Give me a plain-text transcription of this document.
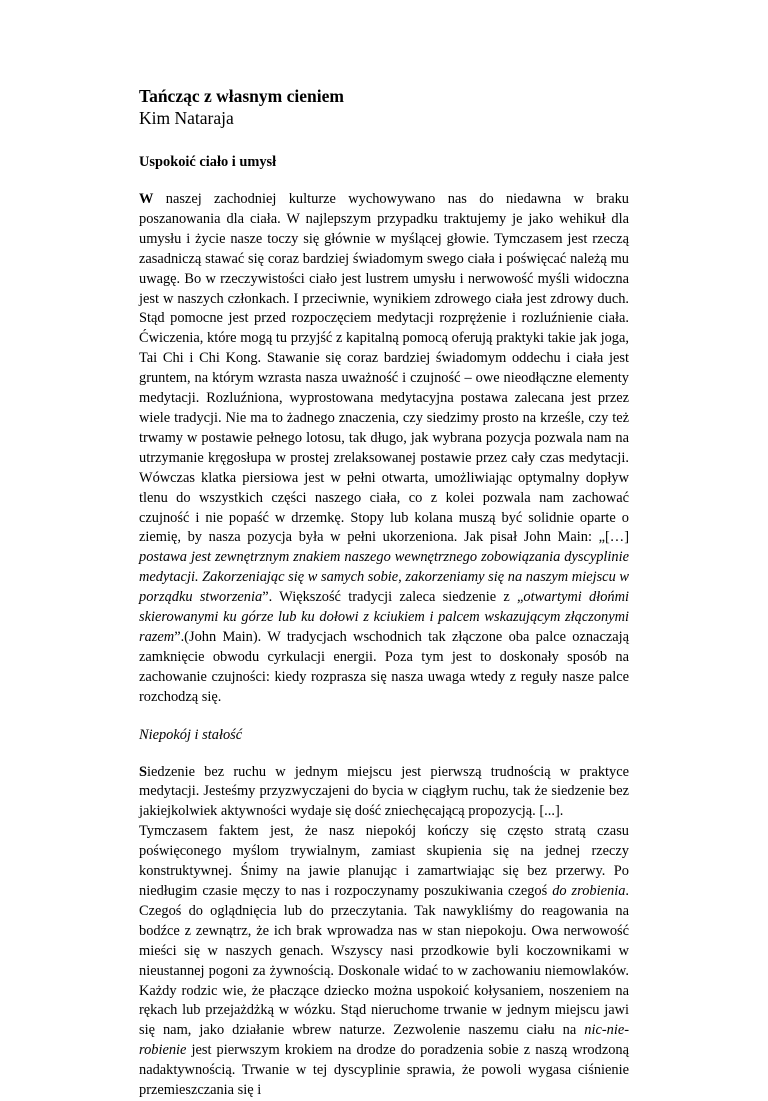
Tańcząc z własnym cieniem
Kim Nataraja
Uspokoić ciało i umysł

W naszej zachodniej kulturze wychowywano nas do niedawna w braku poszanowania dla ciała. W najlepszym przypadku traktujemy je jako wehikuł dla umysłu i życie nasze toczy się głównie w myślącej głowie. Tymczasem jest rzeczą zasadniczą stawać się coraz bardziej świadomym swego ciała i poświęcać należą mu uwagę. Bo w rzeczywistości ciało jest lustrem umysłu i nerwowość myśli widoczna jest w naszych członkach. I przeciwnie, wynikiem zdrowego ciała jest zdrowy duch. Stąd pomocne jest przed rozpoczęciem medytacji rozprężenie i rozluźnienie ciała. Ćwiczenia, które mogą tu przyjść z kapitalną pomocą oferują praktyki takie jak joga, Tai Chi i Chi Kong. Stawanie się coraz bardziej świadomym oddechu i ciała jest gruntem, na którym wzrasta nasza uważność i czujność – owe nieodłączne elementy medytacji. Rozluźniona, wyprostowana medytacyjna postawa zalecana jest przez wiele tradycji. Nie ma to żadnego znaczenia, czy siedzimy prosto na krześle, czy też trwamy w postawie pełnego lotosu, tak długo, jak wybrana pozycja pozwala nam na utrzymanie kręgosłupa w prostej zrelaksowanej postawie przez cały czas medytacji. Wówczas klatka piersiowa jest w pełni otwarta, umożliwiając optymalny dopływ tlenu do wszystkich części naszego ciała, co z kolei pozwala nam zachować czujność i nie popaść w drzemkę. Stopy lub kolana muszą być solidnie oparte o ziemię, by nasza pozycja była w pełni ukorzeniona. Jak pisał John Main: „[…] postawa jest zewnętrznym znakiem naszego wewnętrznego zobowiązania dyscyplinie medytacji. Zakorzeniając się w samych sobie, zakorzeniamy się na naszym miejscu w porządku stworzenia”. Większość tradycji zaleca siedzenie z „otwartymi dłońmi skierowanymi ku górze lub ku dołowi z kciukiem i palcem wskazującym złączonymi razem”.(John Main). W tradycjach wschodnich tak złączone oba palce oznaczają zamknięcie obwodu cyrkulacji energii. Poza tym jest to doskonały sposób na zachowanie czujności: kiedy rozprasza się nasza uwaga wtedy z reguły nasze palce rozchodzą się.

Niepokój i stałość

Siedzenie bez ruchu w jednym miejscu jest pierwszą trudnością w praktyce medytacji. Jesteśmy przyzwyczajeni do bycia w ciągłym ruchu, tak że siedzenie bez jakiejkolwiek aktywności wydaje się dość zniechęcającą propozycją. [...].

Tymczasem faktem jest, że nasz niepokój kończy się często stratą czasu poświęconego myślom trywialnym, zamiast skupienia się na jednej rzeczy konstruktywnej. Śnimy na jawie planując i zamartwiając się bez przerwy. Po niedługim czasie męczy to nas i rozpoczynamy poszukiwania czegoś do zrobienia. Czegoś do oglądnięcia lub do przeczytania. Tak nawykliśmy do reagowania na bodźce z zewnątrz, że ich brak wprowadza nas w stan niepokoju. Owa nerwowość mieści się w naszych genach. Wszyscy nasi przodkowie byli koczownikami w nieustannej pogoni za żywnością. Doskonale widać to w zachowaniu niemowlaków. Każdy rodzic wie, że płaczące dziecko można uspokoić kołysaniem, noszeniem na rękach lub przejażdżką w wózku. Stąd nieruchome trwanie w jednym miejscu jawi się nam, jako działanie wbrew naturze. Zezwolenie naszemu ciału na nic-nie-robienie jest pierwszym krokiem na drodze do poradzenia sobie z naszą wrodzoną nadaktywnością. Trwanie w tej dyscyplinie sprawia, że powoli wygasa ciśnienie przemieszczania się i
